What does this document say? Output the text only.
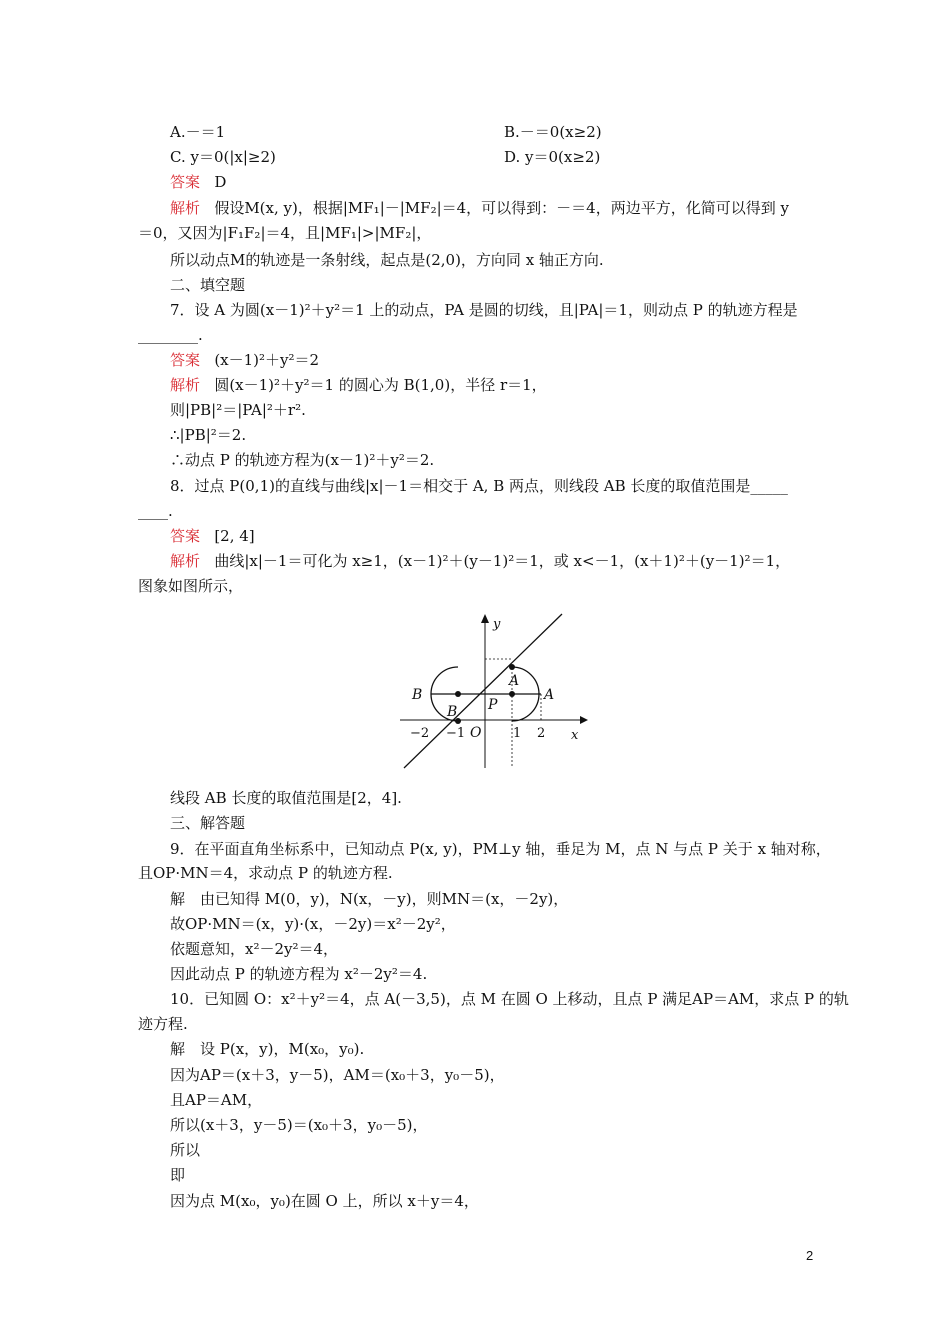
A.－＝1	B.－＝0(x≥2)
C. y＝0(|x|≥2)	D. y＝0(x≥2)
答案 D
解析 假设M(x, y)，根据|MF₁|－|MF₂|＝4，可以得到：－＝4，两边平方，化简可以得到 y
＝0，又因为|F₁F₂|＝4，且|MF₁|>|MF₂|，
所以动点M的轨迹是一条射线，起点是(2,0)，方向同 x 轴正方向.
二、填空题
7．设 A 为圆(x－1)²＋y²＝1 上的动点，PA 是圆的切线，且|PA|＝1，则动点 P 的轨迹方程是
________.
答案 (x－1)²＋y²＝2
解析 圆(x－1)²＋y²＝1 的圆心为 B(1,0)，半径 r＝1，
则|PB|²＝|PA|²＋r².
∴|PB|²＝2.
∴动点 P 的轨迹方程为(x－1)²＋y²＝2.
8．过点 P(0,1)的直线与曲线|x|－1＝相交于 A, B 两点，则线段 AB 长度的取值范围是_____
____.
答案 [2, 4]
解析 曲线|x|－1＝可化为 x≥1，(x－1)²＋(y－1)²＝1，或 x<－1，(x＋1)²＋(y－1)²＝1，
图象如图所示，
y
x
O
P
A
A
B
B
−2 −1	1 2
线段 AB 长度的取值范围是[2，4].
三、解答题
9．在平面直角坐标系中，已知动点 P(x, y)，PM⊥y 轴，垂足为 M，点 N 与点 P 关于 x 轴对称，
且OP·MN＝4，求动点 P 的轨迹方程.
解　由已知得 M(0，y)，N(x，－y)，则MN＝(x，－2y)，
故OP·MN＝(x，y)·(x，－2y)＝x²－2y²，
依题意知，x²－2y²＝4，
因此动点 P 的轨迹方程为 x²－2y²＝4.
10．已知圆 O：x²＋y²＝4，点 A(－3,5)，点 M 在圆 O 上移动，且点 P 满足AP＝AM，求点 P 的轨
迹方程.
解　设 P(x，y)，M(x₀，y₀).
因为AP＝(x＋3，y－5)，AM＝(x₀＋3，y₀－5)，
且AP＝AM，
所以(x＋3，y－5)＝(x₀＋3，y₀－5)，
所以
即
因为点 M(x₀，y₀)在圆 O 上，所以 x＋y＝4，
2
